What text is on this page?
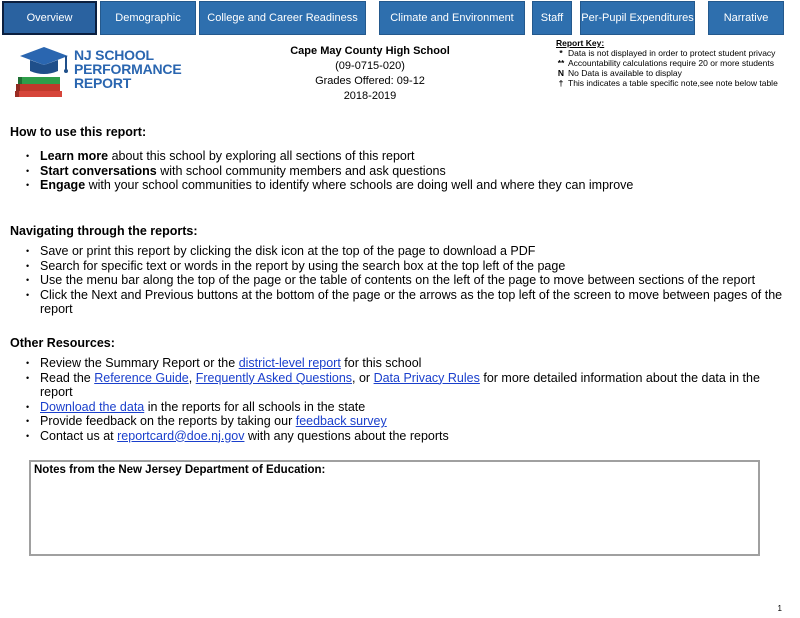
Overview	Demographic College and Career Readiness	Climate and Environment Staff Per-Pupil Expenditures	Narrative
NJ SCHOOL
PERFORMANCE
REPORT
Cape May County High School
(09-0715-020)
Grades Offered: 09-12
2018-2019
Report Key:
* Data is not displayed in order to protect student privacy
** Accountability calculations require 20 or more students
N No Data is available to display
† This indicates a table specific note,see note below table
How to use this report:
• Learn more about this school by exploring all sections of this report
• Start conversations with school community members and ask questions
• Engage with your school communities to identify where schools are doing well and where they can improve
Navigating through the reports:
• Save or print this report by clicking the disk icon at the top of the page to download a PDF
• Search for specific text or words in the report by using the search box at the top left of the page
• Use the menu bar along the top of the page or the table of contents on the left of the page to move between sections of the report
• Click the Next and Previous buttons at the bottom of the page or the arrows as the top left of the screen to move between pages of the report
Other Resources:
• Review the Summary Report or the district-level report for this school
• Read the Reference Guide, Frequently Asked Questions, or Data Privacy Rules for more detailed information about the data in the report
• Download the data in the reports for all schools in the state
• Provide feedback on the reports by taking our feedback survey
• Contact us at reportcard@doe.nj.gov with any questions about the reports
Notes from the New Jersey Department of Education:
1
